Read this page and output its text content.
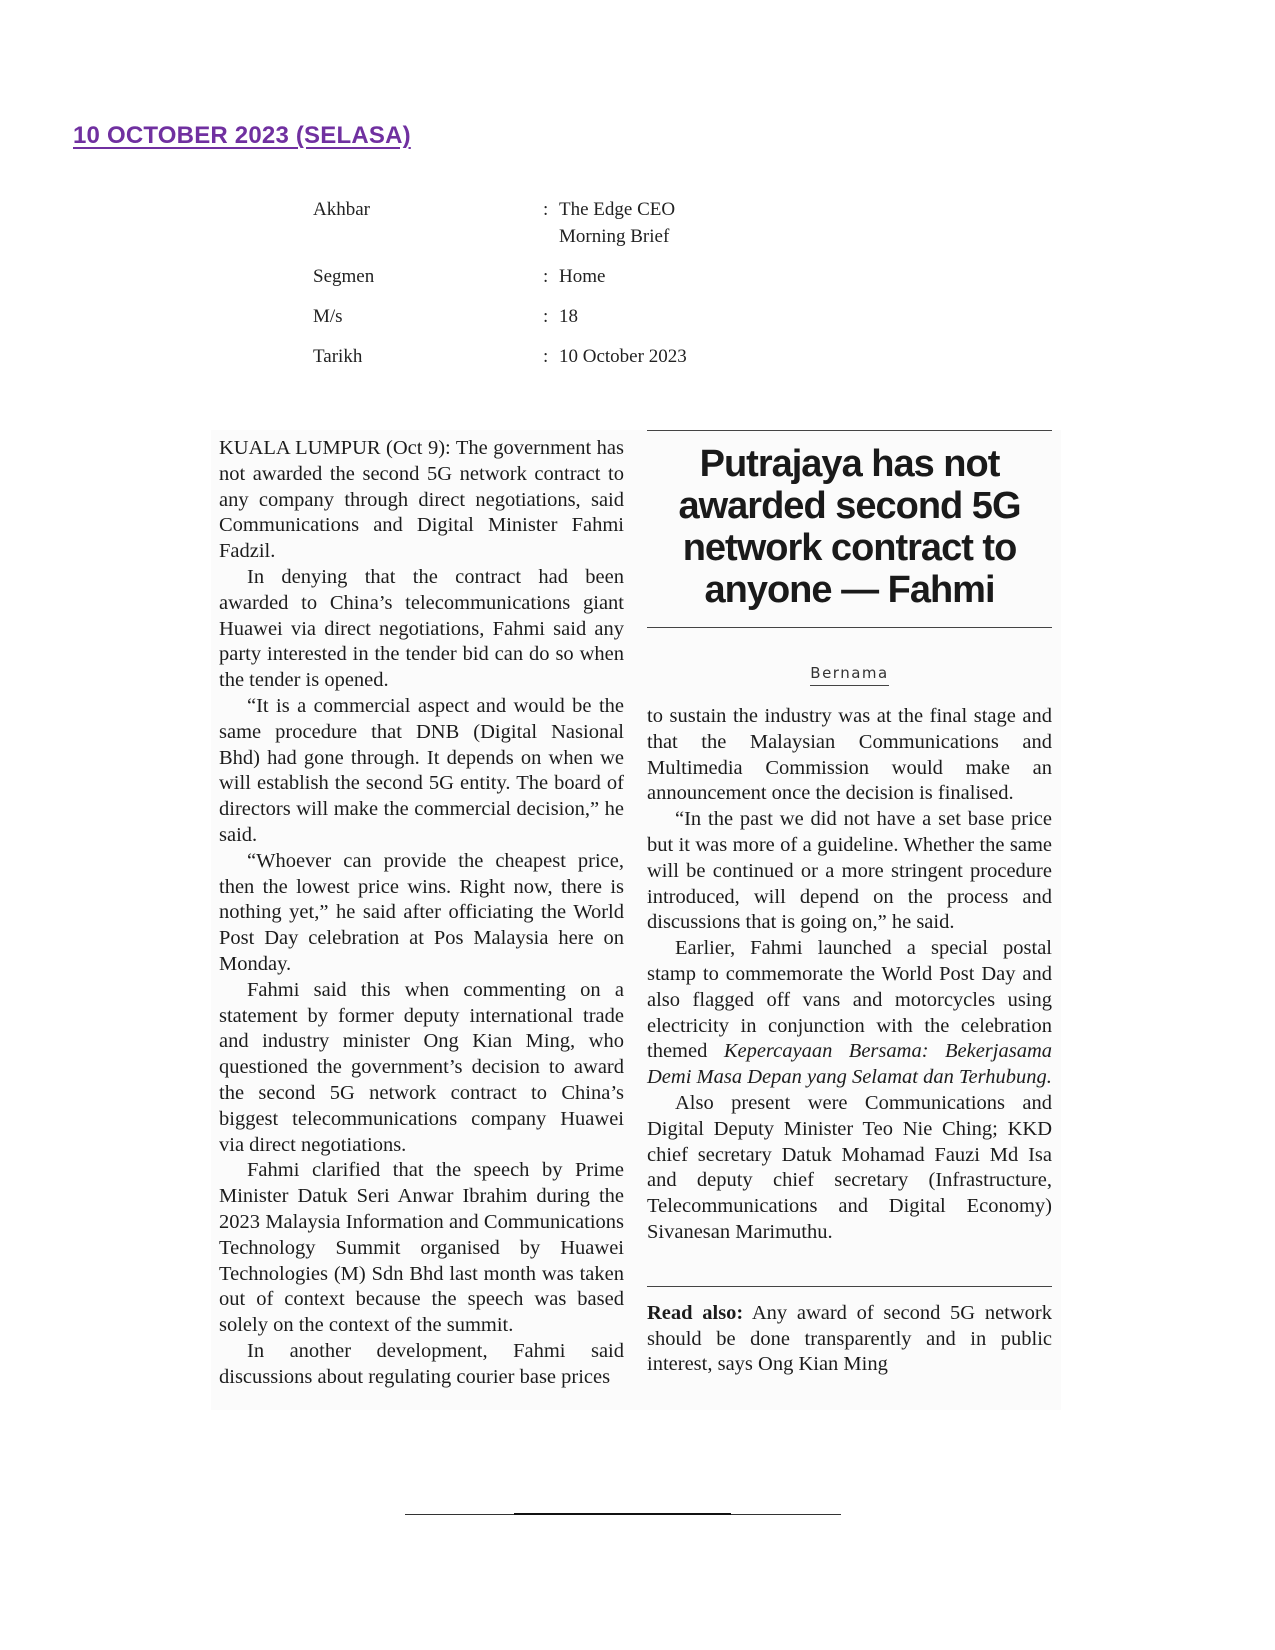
10 OCTOBER 2023 (SELASA)
Akhbar	: The Edge CEO Morning Brief
Segmen	: Home
M/s	: 18
Tarikh	: 10 October 2023

KUALA LUMPUR (Oct 9): The government has not awarded the second 5G network contract to any company through direct negotiations, said Communications and Digital Minister Fahmi Fadzil.

In denying that the contract had been awarded to China’s telecommunications giant Huawei via direct negotiations, Fahmi said any party interested in the tender bid can do so when the tender is opened.

“It is a commercial aspect and would be the same procedure that DNB (Digital Nasional Bhd) had gone through. It depends on when we will establish the second 5G entity. The board of directors will make the commercial decision,” he said.

“Whoever can provide the cheapest price, then the lowest price wins. Right now, there is nothing yet,” he said after officiating the World Post Day celebration at Pos Malaysia here on Monday.

Fahmi said this when commenting on a statement by former deputy international trade and industry minister Ong Kian Ming, who questioned the government’s decision to award the second 5G network contract to China’s biggest telecommunications company Huawei via direct negotiations.

Fahmi clarified that the speech by Prime Minister Datuk Seri Anwar Ibrahim during the 2023 Malaysia Information and Communications Technology Summit organised by Huawei Technologies (M) Sdn Bhd last month was taken out of context because the speech was based solely on the context of the summit.

In another development, Fahmi said discussions about regulating courier base prices

Putrajaya has not awarded second 5G network contract to anyone — Fahmi
Bernama

to sustain the industry was at the final stage and that the Malaysian Communications and Multimedia Commission would make an announcement once the decision is finalised.

“In the past we did not have a set base price but it was more of a guideline. Whether the same will be continued or a more stringent procedure introduced, will depend on the process and discussions that is going on,” he said.

Earlier, Fahmi launched a special postal stamp to commemorate the World Post Day and also flagged off vans and motorcycles using electricity in conjunction with the celebration themed Kepercayaan Bersama: Bekerjasama Demi Masa Depan yang Selamat dan Terhubung.

Also present were Communications and Digital Deputy Minister Teo Nie Ching; KKD chief secretary Datuk Mohamad Fauzi Md Isa and deputy chief secretary (Infrastructure, Telecommunications and Digital Economy) Sivanesan Marimuthu.

Read also: Any award of second 5G network should be done transparently and in public interest, says Ong Kian Ming
